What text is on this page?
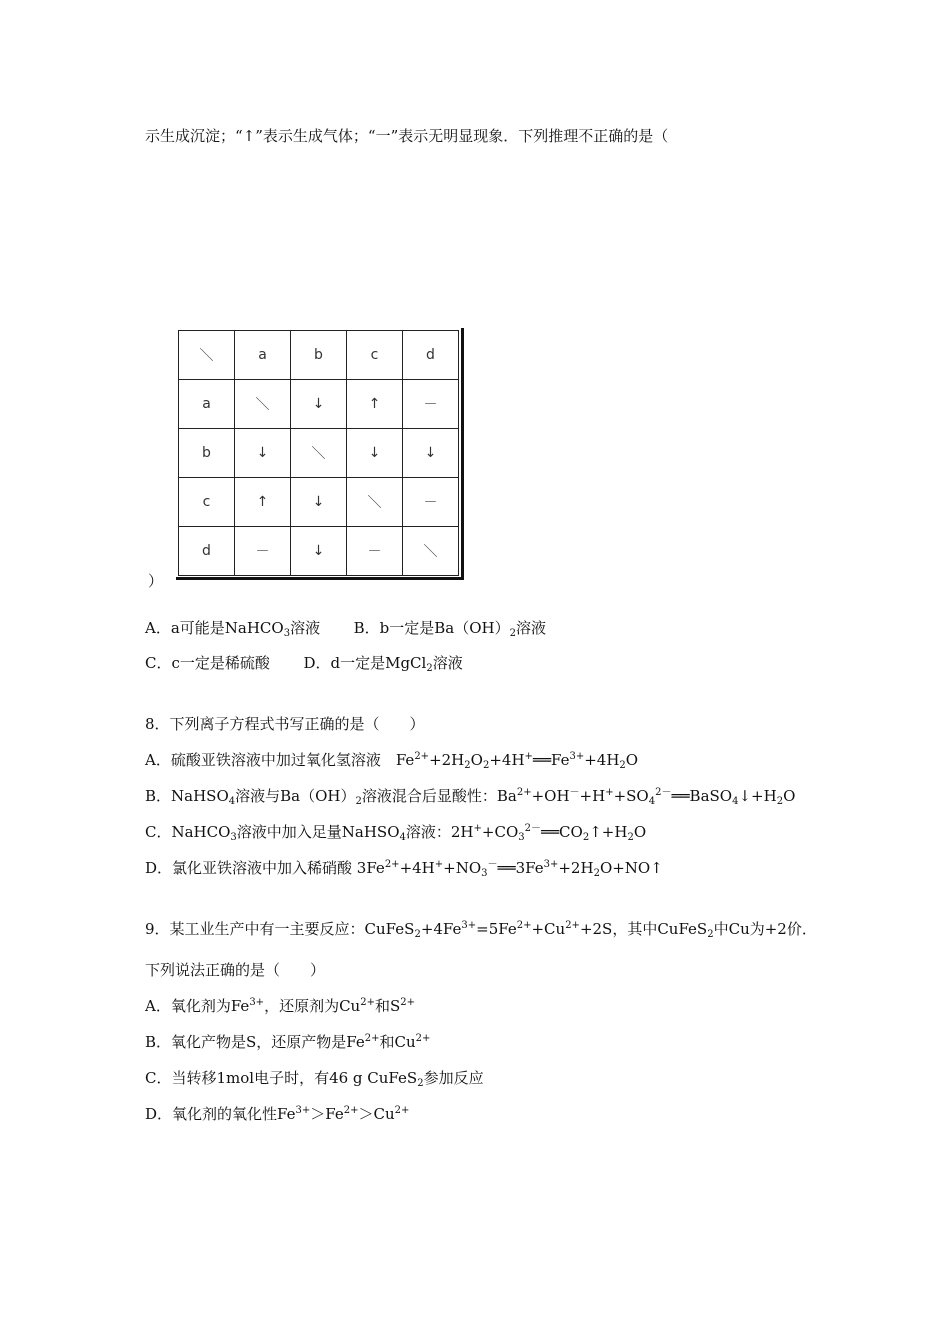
示生成沉淀；“↑”表示生成气体；“一”表示无明显现象．下列推理不正确的是（
＼	a	b	c	d
a	＼	↓	↑	－
b	↓	＼	↓	↓
c	↑	↓	＼	－
d	－	↓	－	＼
）
A．a可能是NaHCO$_3$溶液 B．b一定是$Ba(OH)_2$溶液
C．c一定是稀硫酸 D．d一定是MgCl$_2$溶液
8．下列离子方程式书写正确的是（　　）
A．硫酸亚铁溶液中加过氧化氢溶液　$Fe^{2+}+2H_2O_2+4H^+══Fe^{3+}+4H_2O$
B．NaHSO$_4$溶液与$Ba(OH)_2$溶液混合后显酸性：$Ba^{2+}+OH^-+H^++SO_4^{2-}══BaSO_4↓+H_2O$
C．NaHCO$_3$溶液中加入足量NaHSO$_4$溶液：$2H^++CO_3^{2-}══CO_2↑+H_2O$
D．氯化亚铁溶液中加入稀硝酸 $3Fe^{2+}+4H^++NO_3^-══3Fe^{3+}+2H_2O+NO↑$
9．某工业生产中有一主要反应：$CuFeS_2+4Fe^{3+}=5Fe^{2+}+Cu^{2+}+2S$，其中CuFeS$_2$中Cu为+2价．
下列说法正确的是（　　）
A．氧化剂为$Fe^{3+}$，还原剂为$Cu^{2+}$和$S^{2+}$
B．氧化产物是S，还原产物是$Fe^{2+}$和$Cu^{2+}$
C．当转移1mol电子时，有46 g CuFeS$_2$参加反应
D．氧化剂的氧化性$Fe^{3+}>Fe^{2+}>Cu^{2+}$
